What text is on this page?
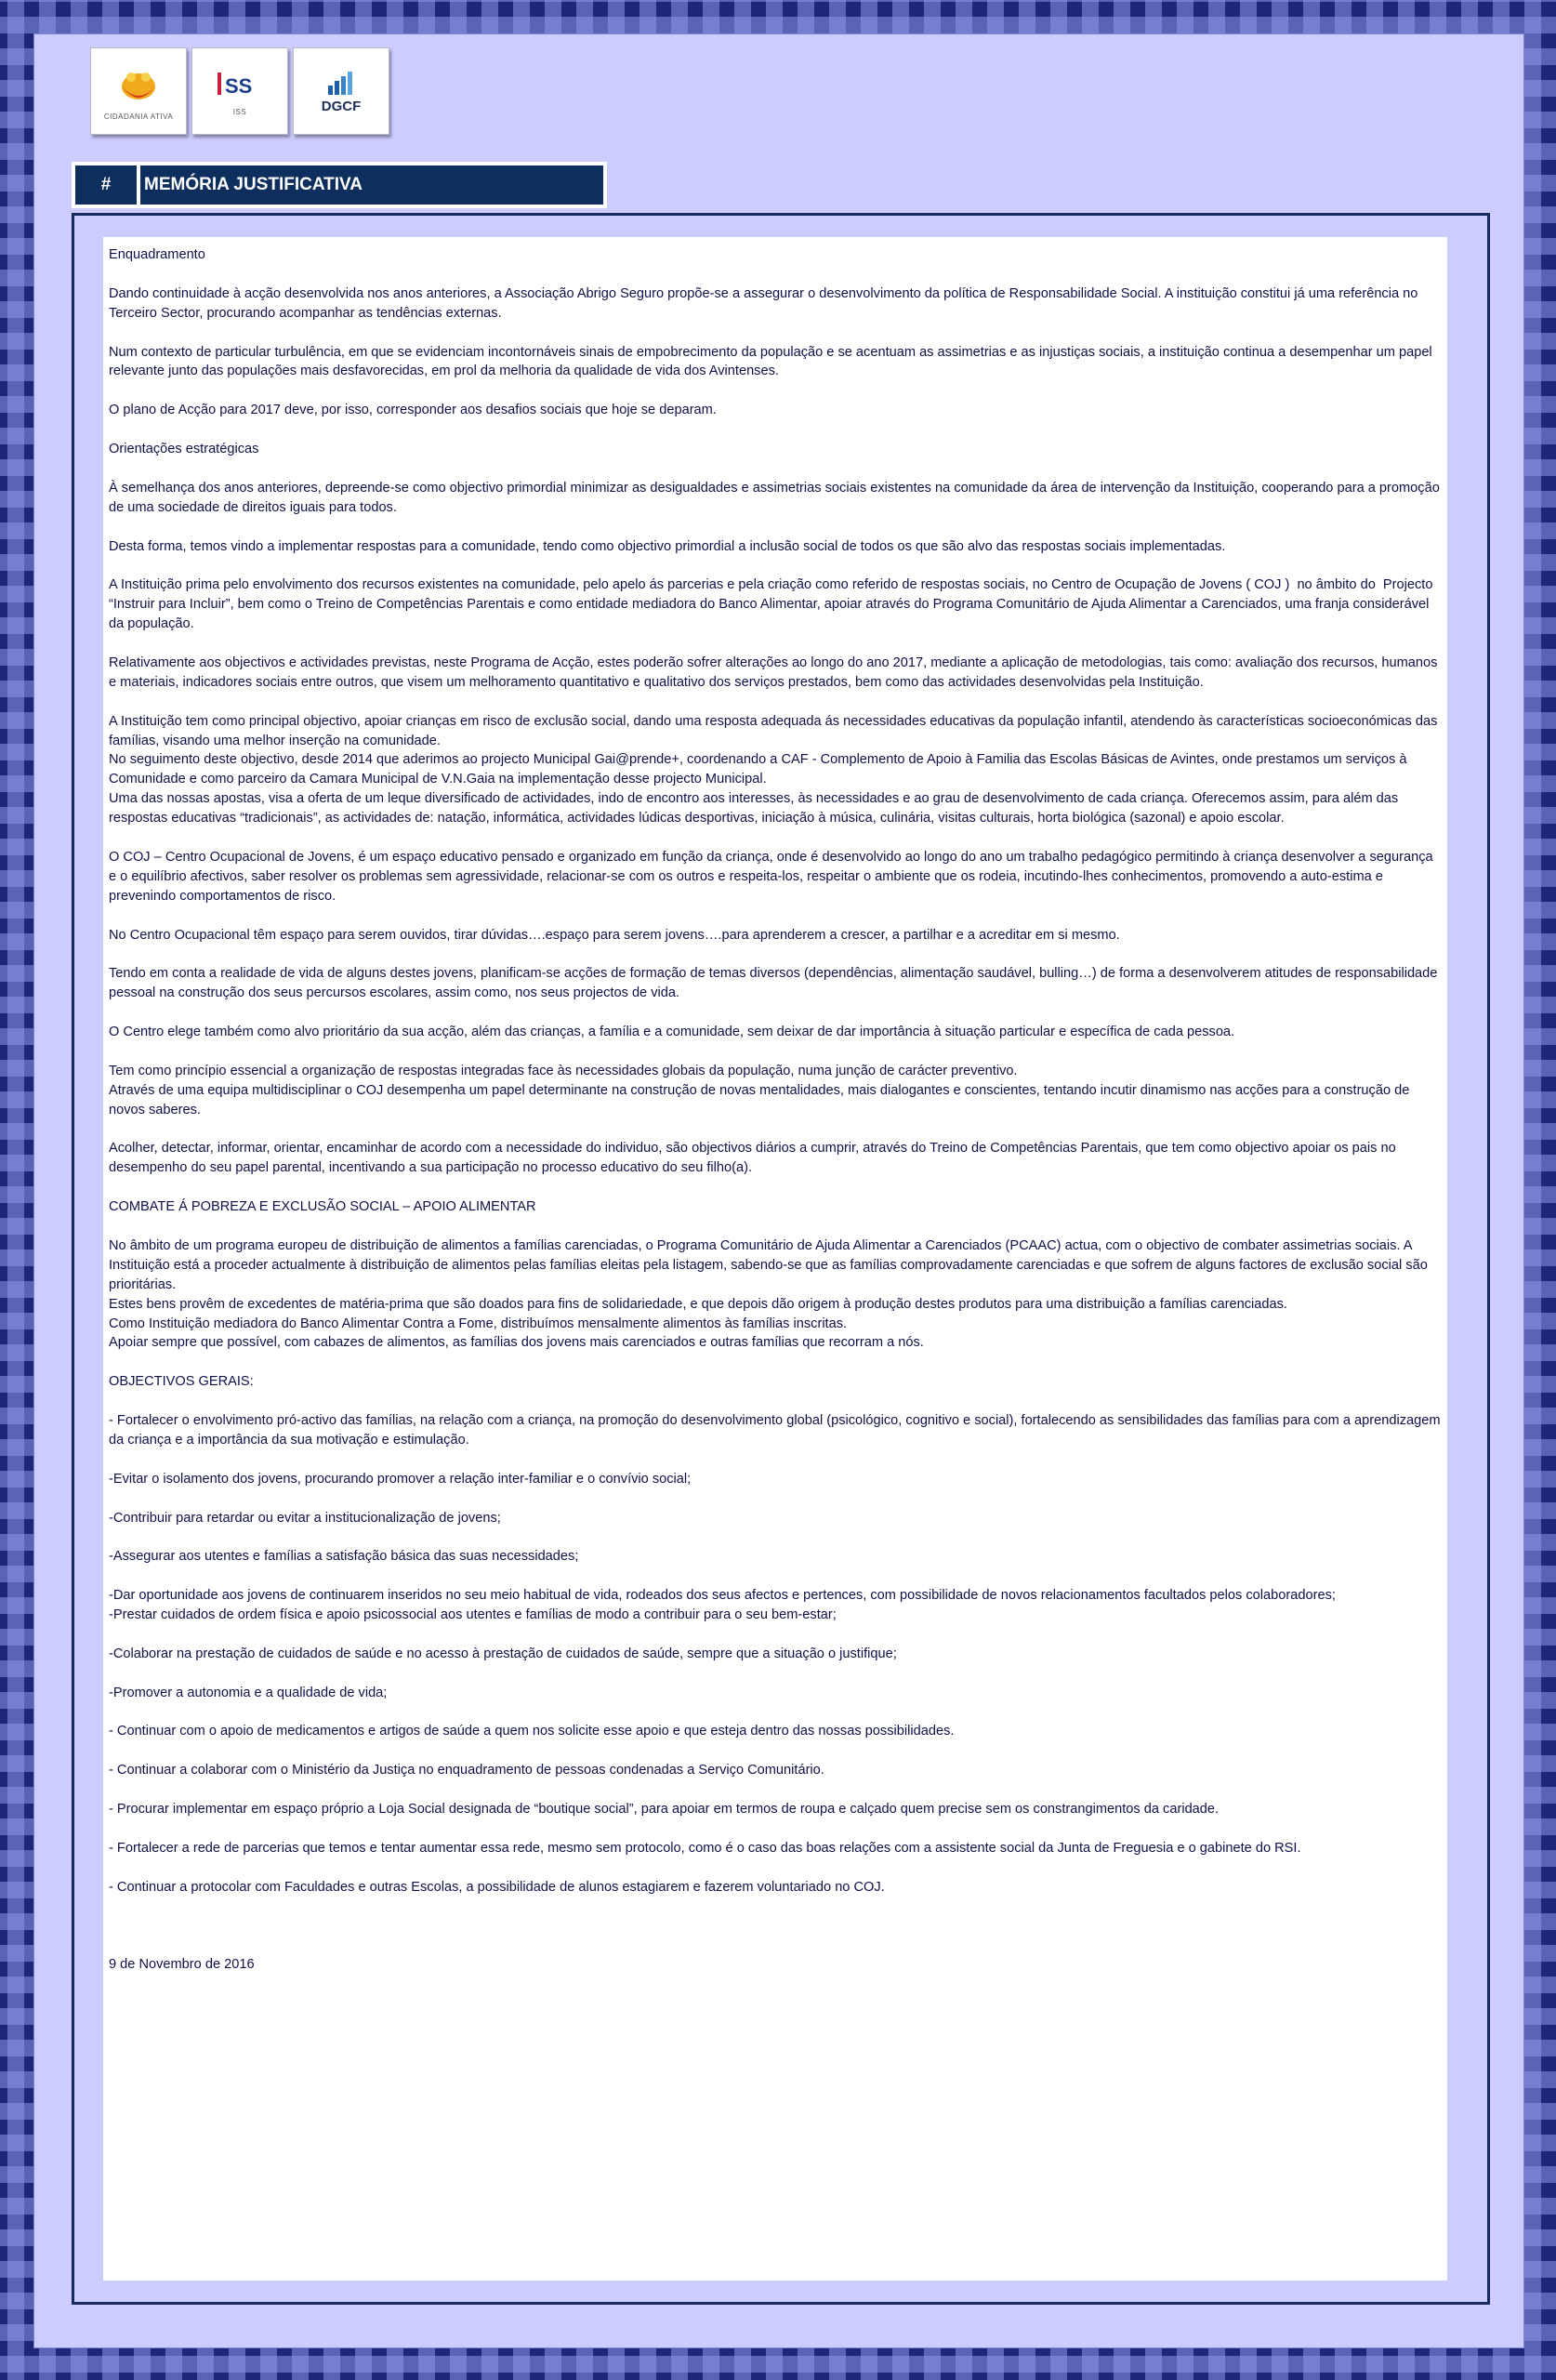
CIDADANIA ATIVA
SS
ISS	DGCF
#	MEMÓRIA JUSTIFICATIVA

Enquadramento

Dando continuidade à acção desenvolvida nos anos anteriores, a Associação Abrigo Seguro propõe-se a assegurar o desenvolvimento da política de Responsabilidade Social. A instituição constitui já uma referência no Terceiro Sector, procurando acompanhar as tendências externas.

Num contexto de particular turbulência, em que se evidenciam incontornáveis sinais de empobrecimento da população e se acentuam as assimetrias e as injustiças sociais, a instituição continua a desempenhar um papel relevante junto das populações mais desfavorecidas, em prol da melhoria da qualidade de vida dos Avintenses.

O plano de Acção para 2017 deve, por isso, corresponder aos desafios sociais que hoje se deparam.

Orientações estratégicas

À semelhança dos anos anteriores, depreende-se como objectivo primordial minimizar as desigualdades e assimetrias sociais existentes na comunidade da área de intervenção da Instituição, cooperando para a promoção de uma sociedade de direitos iguais para todos.

Desta forma, temos vindo a implementar respostas para a comunidade, tendo como objectivo primordial a inclusão social de todos os que são alvo das respostas sociais implementadas.

A Instituição prima pelo envolvimento dos recursos existentes na comunidade, pelo apelo ás parcerias e pela criação como referido de respostas sociais, no Centro de Ocupação de Jovens ( COJ )  no âmbito do  Projecto “Instruir para Incluir”, bem como o Treino de Competências Parentais e como entidade mediadora do Banco Alimentar, apoiar através do Programa Comunitário de Ajuda Alimentar a Carenciados, uma franja considerável da população.

Relativamente aos objectivos e actividades previstas, neste Programa de Acção, estes poderão sofrer alterações ao longo do ano 2017, mediante a aplicação de metodologias, tais como: avaliação dos recursos, humanos e materiais, indicadores sociais entre outros, que visem um melhoramento quantitativo e qualitativo dos serviços prestados, bem como das actividades desenvolvidas pela Instituição.

A Instituição tem como principal objectivo, apoiar crianças em risco de exclusão social, dando uma resposta adequada ás necessidades educativas da população infantil, atendendo às características socioeconómicas das famílias, visando uma melhor inserção na comunidade.

No seguimento deste objectivo, desde 2014 que aderimos ao projecto Municipal Gai@prende+, coordenando a CAF - Complemento de Apoio à Familia das Escolas Básicas de Avintes, onde prestamos um serviços à Comunidade e como parceiro da Camara Municipal de V.N.Gaia na implementação desse projecto Municipal.

Uma das nossas apostas, visa a oferta de um leque diversificado de actividades, indo de encontro aos interesses, às necessidades e ao grau de desenvolvimento de cada criança. Oferecemos assim, para além das respostas educativas “tradicionais”, as actividades de: natação, informática, actividades lúdicas desportivas, iniciação à música, culinária, visitas culturais, horta biológica (sazonal) e apoio escolar.

O COJ – Centro Ocupacional de Jovens, é um espaço educativo pensado e organizado em função da criança, onde é desenvolvido ao longo do ano um trabalho pedagógico permitindo à criança desenvolver a segurança e o equilíbrio afectivos, saber resolver os problemas sem agressividade, relacionar-se com os outros e respeita-los, respeitar o ambiente que os rodeia, incutindo-lhes conhecimentos, promovendo a auto-estima e prevenindo comportamentos de risco.

No Centro Ocupacional têm espaço para serem ouvidos, tirar dúvidas….espaço para serem jovens….para aprenderem a crescer, a partilhar e a acreditar em si mesmo.

Tendo em conta a realidade de vida de alguns destes jovens, planificam-se acções de formação de temas diversos (dependências, alimentação saudável, bulling…) de forma a desenvolverem atitudes de responsabilidade pessoal na construção dos seus percursos escolares, assim como, nos seus projectos de vida.

O Centro elege também como alvo prioritário da sua acção, além das crianças, a família e a comunidade, sem deixar de dar importância à situação particular e específica de cada pessoa.

Tem como princípio essencial a organização de respostas integradas face às necessidades globais da população, numa junção de carácter preventivo.

Através de uma equipa multidisciplinar o COJ desempenha um papel determinante na construção de novas mentalidades, mais dialogantes e conscientes, tentando incutir dinamismo nas acções para a construção de novos saberes.

Acolher, detectar, informar, orientar, encaminhar de acordo com a necessidade do individuo, são objectivos diários a cumprir, através do Treino de Competências Parentais, que tem como objectivo apoiar os pais no desempenho do seu papel parental, incentivando a sua participação no processo educativo do seu filho(a).

COMBATE Á POBREZA E EXCLUSÃO SOCIAL – APOIO ALIMENTAR

No âmbito de um programa europeu de distribuição de alimentos a famílias carenciadas, o Programa Comunitário de Ajuda Alimentar a Carenciados (PCAAC) actua, com o objectivo de combater assimetrias sociais. A Instituição está a proceder actualmente à distribuição de alimentos pelas famílias eleitas pela listagem, sabendo-se que as famílias comprovadamente carenciadas e que sofrem de alguns factores de exclusão social são prioritárias.

Estes bens provêm de excedentes de matéria-prima que são doados para fins de solidariedade, e que depois dão origem à produção destes produtos para uma distribuição a famílias carenciadas.

Como Instituição mediadora do Banco Alimentar Contra a Fome, distribuímos mensalmente alimentos às famílias inscritas.

Apoiar sempre que possível, com cabazes de alimentos, as famílias dos jovens mais carenciados e outras famílias que recorram a nós.

OBJECTIVOS GERAIS:

- Fortalecer o envolvimento pró-activo das famílias, na relação com a criança, na promoção do desenvolvimento global (psicológico, cognitivo e social), fortalecendo as sensibilidades das famílias para com a aprendizagem da criança e a importância da sua motivação e estimulação.

-Evitar o isolamento dos jovens, procurando promover a relação inter-familiar e o convívio social;

-Contribuir para retardar ou evitar a institucionalização de jovens;

-Assegurar aos utentes e famílias a satisfação básica das suas necessidades;

-Dar oportunidade aos jovens de continuarem inseridos no seu meio habitual de vida, rodeados dos seus afectos e pertences, com possibilidade de novos relacionamentos facultados pelos colaboradores;

-Prestar cuidados de ordem física e apoio psicossocial aos utentes e famílias de modo a contribuir para o seu bem-estar;

-Colaborar na prestação de cuidados de saúde e no acesso à prestação de cuidados de saúde, sempre que a situação o justifique;

-Promover a autonomia e a qualidade de vida;

- Continuar com o apoio de medicamentos e artigos de saúde a quem nos solicite esse apoio e que esteja dentro das nossas possibilidades.

- Continuar a colaborar com o Ministério da Justiça no enquadramento de pessoas condenadas a Serviço Comunitário.

- Procurar implementar em espaço próprio a Loja Social designada de “boutique social”, para apoiar em termos de roupa e calçado quem precise sem os constrangimentos da caridade.

- Fortalecer a rede de parcerias que temos e tentar aumentar essa rede, mesmo sem protocolo, como é o caso das boas relações com a assistente social da Junta de Freguesia e o gabinete do RSI.

- Continuar a protocolar com Faculdades e outras Escolas, a possibilidade de alunos estagiarem e fazerem voluntariado no COJ.

9 de Novembro de 2016
